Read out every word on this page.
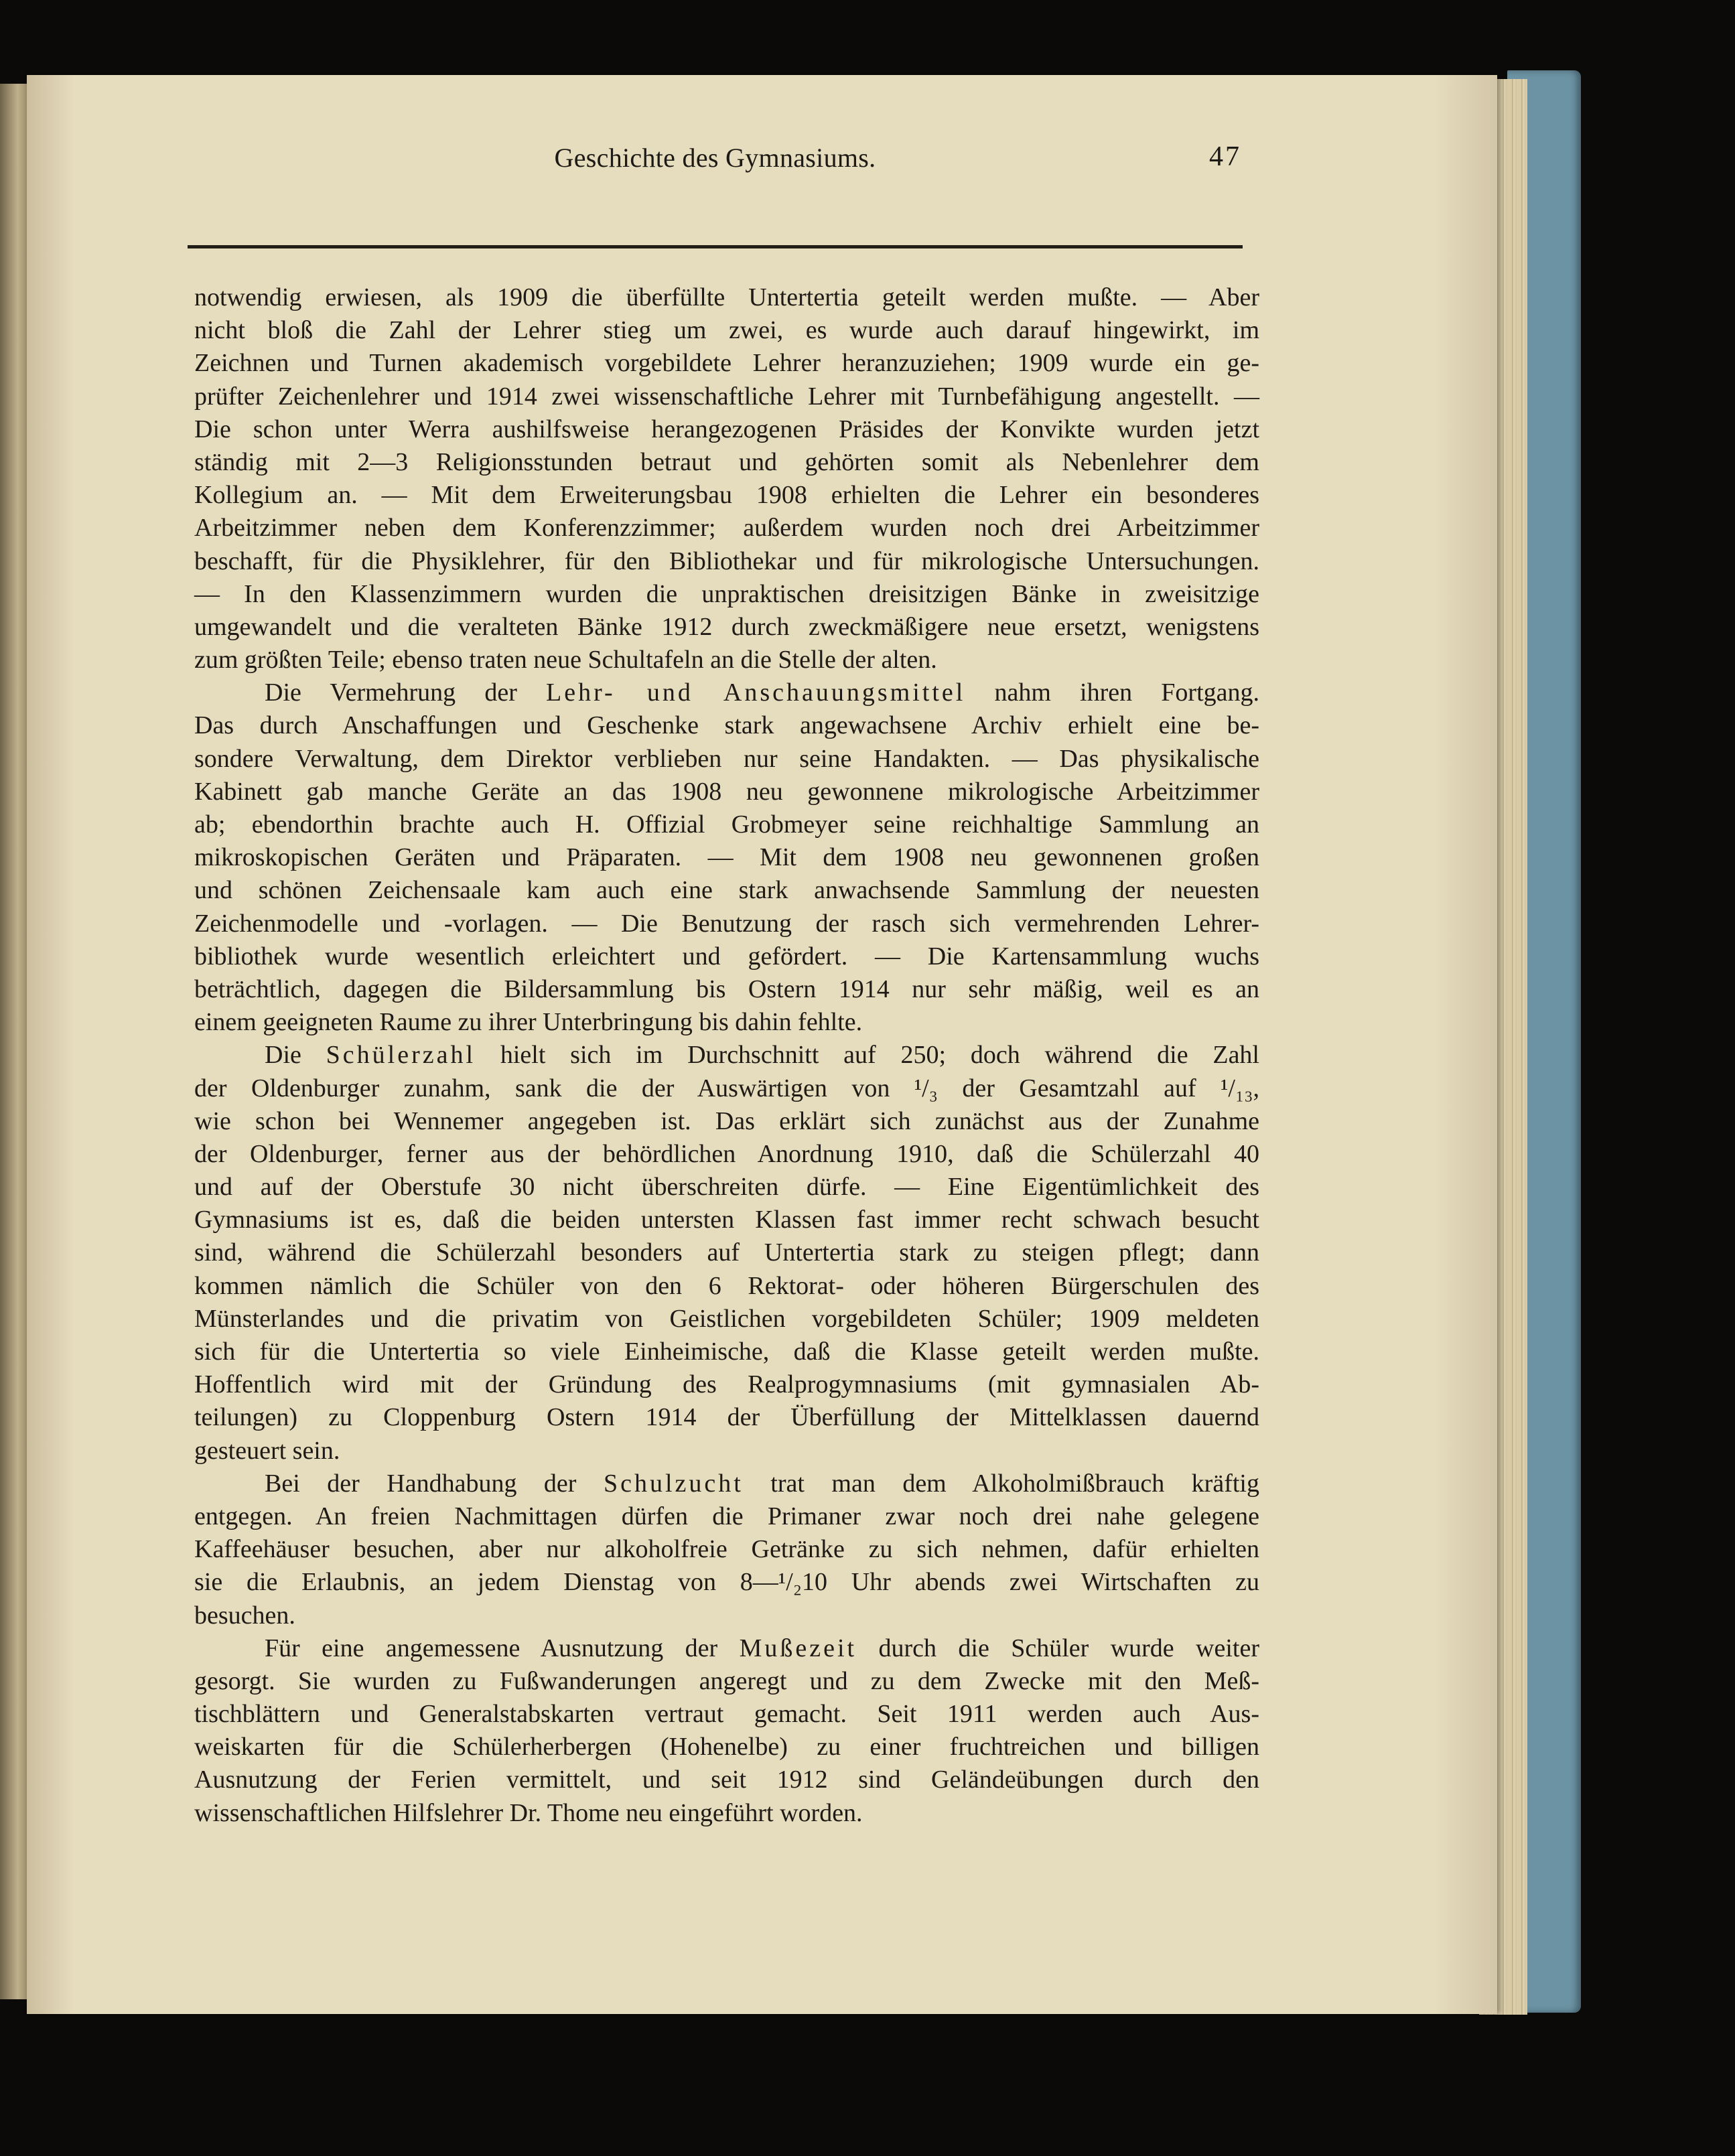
Geschichte des Gymnasiums.	47
notwendig erwiesen, als 1909 die überfüllte Untertertia geteilt werden mußte. — Aber
nicht bloß die Zahl der Lehrer stieg um zwei, es wurde auch darauf hingewirkt, im
Zeichnen und Turnen akademisch vorgebildete Lehrer heranzuziehen; 1909 wurde ein ge-
prüfter Zeichenlehrer und 1914 zwei wissenschaftliche Lehrer mit Turnbefähigung angestellt. —
Die schon unter Werra aushilfsweise herangezogenen Präsides der Konvikte wurden jetzt
ständig mit 2—3 Religionsstunden betraut und gehörten somit als Nebenlehrer dem
Kollegium an. — Mit dem Erweiterungsbau 1908 erhielten die Lehrer ein besonderes
Arbeitzimmer neben dem Konferenzzimmer; außerdem wurden noch drei Arbeitzimmer
beschafft, für die Physiklehrer, für den Bibliothekar und für mikrologische Untersuchungen.
— In den Klassenzimmern wurden die unpraktischen dreisitzigen Bänke in zweisitzige
umgewandelt und die veralteten Bänke 1912 durch zweckmäßigere neue ersetzt, wenigstens
zum größten Teile; ebenso traten neue Schultafeln an die Stelle der alten.
Die Vermehrung der Lehr- und Anschauungsmittel nahm ihren Fortgang.
Das durch Anschaffungen und Geschenke stark angewachsene Archiv erhielt eine be-
sondere Verwaltung, dem Direktor verblieben nur seine Handakten. — Das physikalische
Kabinett gab manche Geräte an das 1908 neu gewonnene mikrologische Arbeitzimmer
ab; ebendorthin brachte auch H. Offizial Grobmeyer seine reichhaltige Sammlung an
mikroskopischen Geräten und Präparaten. — Mit dem 1908 neu gewonnenen großen
und schönen Zeichensaale kam auch eine stark anwachsende Sammlung der neuesten
Zeichenmodelle und -vorlagen. — Die Benutzung der rasch sich vermehrenden Lehrer-
bibliothek wurde wesentlich erleichtert und gefördert. — Die Kartensammlung wuchs
beträchtlich, dagegen die Bildersammlung bis Ostern 1914 nur sehr mäßig, weil es an
einem geeigneten Raume zu ihrer Unterbringung bis dahin fehlte.
Die Schülerzahl hielt sich im Durchschnitt auf 250; doch während die Zahl
der Oldenburger zunahm, sank die der Auswärtigen von ¹/₃ der Gesamtzahl auf ¹/₁₃,
wie schon bei Wennemer angegeben ist. Das erklärt sich zunächst aus der Zunahme
der Oldenburger, ferner aus der behördlichen Anordnung 1910, daß die Schülerzahl 40
und auf der Oberstufe 30 nicht überschreiten dürfe. — Eine Eigentümlichkeit des
Gymnasiums ist es, daß die beiden untersten Klassen fast immer recht schwach besucht
sind, während die Schülerzahl besonders auf Untertertia stark zu steigen pflegt; dann
kommen nämlich die Schüler von den 6 Rektorat- oder höheren Bürgerschulen des
Münsterlandes und die privatim von Geistlichen vorgebildeten Schüler; 1909 meldeten
sich für die Untertertia so viele Einheimische, daß die Klasse geteilt werden mußte.
Hoffentlich wird mit der Gründung des Realprogymnasiums (mit gymnasialen Ab-
teilungen) zu Cloppenburg Ostern 1914 der Überfüllung der Mittelklassen dauernd
gesteuert sein.
Bei der Handhabung der Schulzucht trat man dem Alkoholmißbrauch kräftig
entgegen. An freien Nachmittagen dürfen die Primaner zwar noch drei nahe gelegene
Kaffeehäuser besuchen, aber nur alkoholfreie Getränke zu sich nehmen, dafür erhielten
sie die Erlaubnis, an jedem Dienstag von 8—¹/₂10 Uhr abends zwei Wirtschaften zu
besuchen.
Für eine angemessene Ausnutzung der Mußezeit durch die Schüler wurde weiter
gesorgt. Sie wurden zu Fußwanderungen angeregt und zu dem Zwecke mit den Meß-
tischblättern und Generalstabskarten vertraut gemacht. Seit 1911 werden auch Aus-
weiskarten für die Schülerherbergen (Hohenelbe) zu einer fruchtreichen und billigen
Ausnutzung der Ferien vermittelt, und seit 1912 sind Geländeübungen durch den
wissenschaftlichen Hilfslehrer Dr. Thome neu eingeführt worden.
